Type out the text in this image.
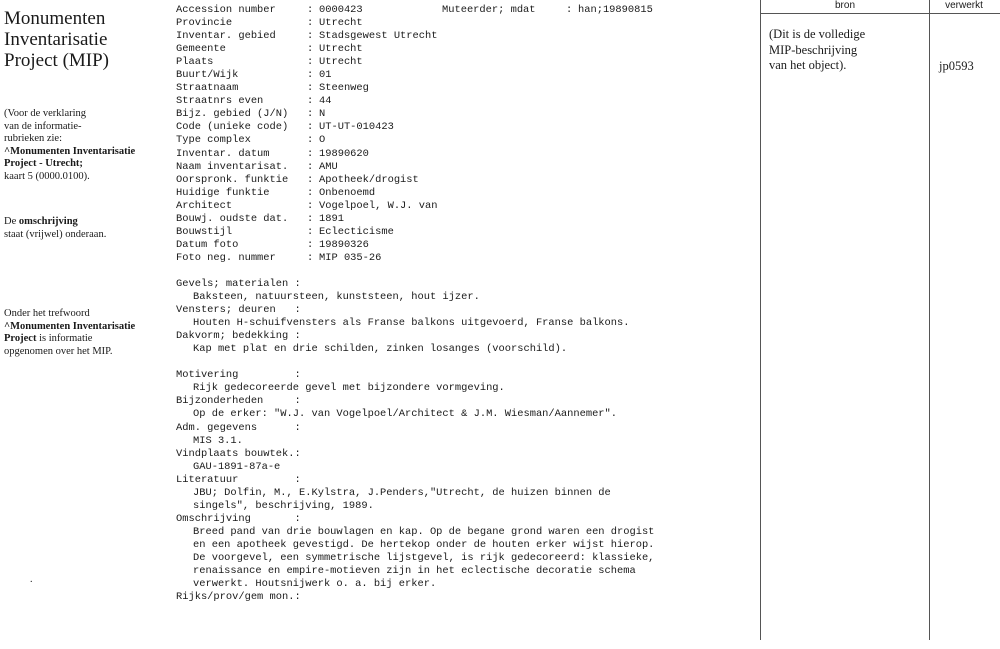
Monumenten
Inventarisatie
Project (MIP)
(Voor de verklaring
van de informatie-
rubrieken zie:
^Monumenten Inventarisatie
Project - Utrecht;
kaart 5 (0000.0100).
De omschrijving
staat (vrijwel) onderaan.
Onder het trefwoord
^Monumenten Inventarisatie
Project is informatie
opgenomen over het MIP.
.
Accession number	: 0000423	Muteerder; mdat	: han;19890815
Provincie	: Utrecht
Inventar. gebied	: Stadsgewest Utrecht
Gemeente	: Utrecht
Plaats	: Utrecht
Buurt/Wijk	: 01
Straatnaam	: Steenweg
Straatnrs even	: 44
Bijz. gebied (J/N) : N
Code (unieke code) : UT-UT-010423
Type complex	: O
Inventar. datum	: 19890620
Naam inventarisat. : AMU
Oorspronk. funktie : Apotheek/drogist
Huidige funktie	: Onbenoemd
Architect	: Vogelpoel, W.J. van
Bouwj. oudste dat. : 1891
Bouwstijl	: Eclecticisme
Datum foto	: 19890326
Foto neg. nummer	: MIP 035-26
Gevels; materialen :
Baksteen, natuursteen, kunststeen, hout ijzer.
Vensters; deuren   :
Houten H-schuifvensters als Franse balkons uitgevoerd, Franse balkons.
Dakvorm; bedekking :
Kap met plat en drie schilden, zinken losanges (voorschild).
Motivering         :
Rijk gedecoreerde gevel met bijzondere vormgeving.
Bijzonderheden     :
Op de erker: "W.J. van Vogelpoel/Architect & J.M. Wiesman/Aannemer".
Adm. gegevens      :
MIS 3.1.
Vindplaats bouwtek.:
GAU-1891-87a-e
Literatuur         :
JBU; Dolfin, M., E.Kylstra, J.Penders,"Utrecht, de huizen binnen de
singels", beschrijving, 1989.
Omschrijving       :
Breed pand van drie bouwlagen en kap. Op de begane grond waren een drogist
en een apotheek gevestigd. De hertekop onder de houten erker wijst hierop.
De voorgevel, een symmetrische lijstgevel, is rijk gedecoreerd: klassieke,
renaissance en empire-motieven zijn in het eclectische decoratie schema
verwerkt. Houtsnijwerk o. a. bij erker.
Rijks/prov/gem mon.:
bron
(Dit is de volledige
MIP-beschrijving
van het object).
verwerkt
jp0593
